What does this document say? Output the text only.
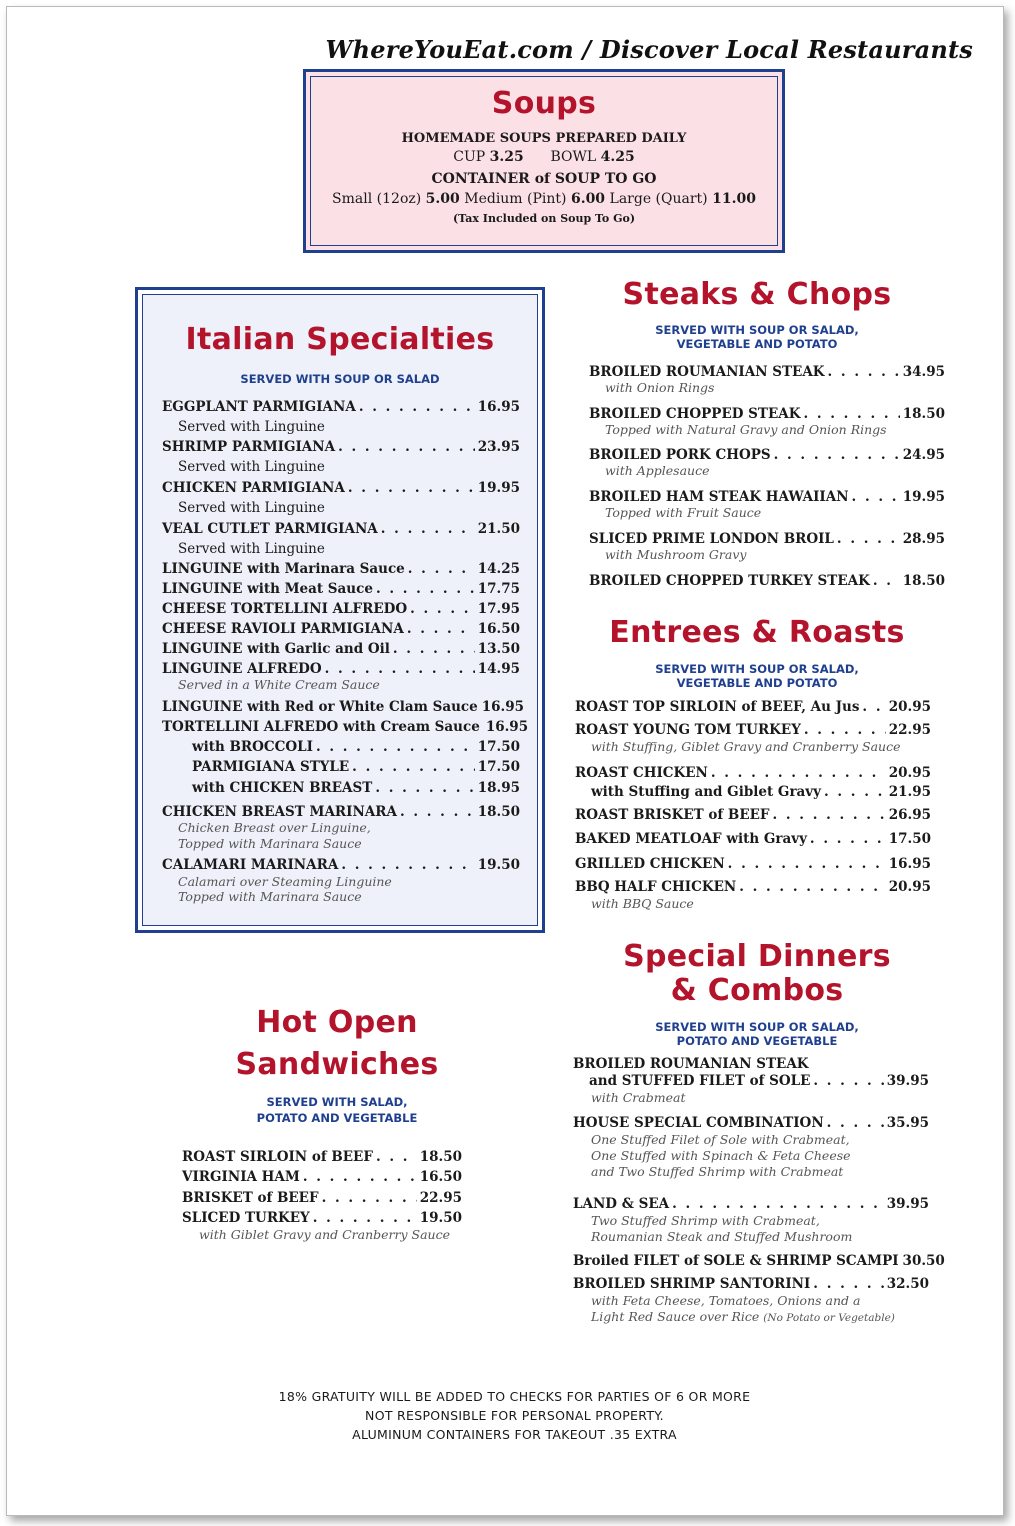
WhereYouEat.com / Discover Local Restaurants
Soups
HOMEMADE SOUPS PREPARED DAILY
CUP 3.25 BOWL 4.25
CONTAINER of SOUP TO GO
Small (12oz) 5.00 Medium (Pint) 6.00 Large (Quart) 11.00
(Tax Included on Soup To Go)
Italian Specialties
SERVED WITH SOUP OR SALAD
EGGPLANT PARMIGIANA . . .	16.95
Served with Linguine
SHRIMP PARMIGIANA . . .	23.95
Served with Linguine
CHICKEN PARMIGIANA . . .	19.95
Served with Linguine
VEAL CUTLET PARMIGIANA . . .	21.50
Served with Linguine
LINGUINE with Marinara Sauce . . .	14.25
LINGUINE with Meat Sauce . . .	17.75
CHEESE TORTELLINI ALFREDO . . .	17.95
CHEESE RAVIOLI PARMIGIANA . . .	16.50
LINGUINE with Garlic and Oil . . .	13.50
LINGUINE ALFREDO . . .	14.95
Served in a White Cream Sauce
LINGUINE with Red or White Clam Sauce 16.95
TORTELLINI ALFREDO with Cream Sauce 16.95
with BROCCOLI . . .	17.50
PARMIGIANA STYLE . . .	17.50
with CHICKEN BREAST . . .	18.95
CHICKEN BREAST MARINARA . . .	18.50
Chicken Breast over Linguine,
Topped with Marinara Sauce
CALAMARI MARINARA . . .	19.50
Calamari over Steaming Linguine
Topped with Marinara Sauce
Steaks & Chops
SERVED WITH SOUP OR SALAD,
VEGETABLE AND POTATO
BROILED ROUMANIAN STEAK . . .	34.95
with Onion Rings
BROILED CHOPPED STEAK . . .	18.50
Topped with Natural Gravy and Onion Rings
BROILED PORK CHOPS . . .	24.95
with Applesauce
BROILED HAM STEAK HAWAIIAN . . .	19.95
Topped with Fruit Sauce
SLICED PRIME LONDON BROIL . . .	28.95
with Mushroom Gravy
BROILED CHOPPED TURKEY STEAK . . . 18.50
Entrees & Roasts
SERVED WITH SOUP OR SALAD,
VEGETABLE AND POTATO
ROAST TOP SIRLOIN of BEEF, Au Jus . . . 20.95
ROAST YOUNG TOM TURKEY . . .	22.95
with Stuffing, Giblet Gravy and Cranberry Sauce
ROAST CHICKEN . . .	20.95
with Stuffing and Giblet Gravy . . .	21.95
ROAST BRISKET of BEEF . . .	26.95
BAKED MEATLOAF with Gravy . . .	17.50
GRILLED CHICKEN . . .	16.95
BBQ HALF CHICKEN . . .	20.95
with BBQ Sauce
Special Dinners
& Combos
SERVED WITH SOUP OR SALAD,
POTATO AND VEGETABLE
BROILED ROUMANIAN STEAK
and STUFFED FILET of SOLE . . .	39.95
with Crabmeat
HOUSE SPECIAL COMBINATION . . .	35.95
One Stuffed Filet of Sole with Crabmeat,
One Stuffed with Spinach & Feta Cheese
and Two Stuffed Shrimp with Crabmeat
LAND & SEA . . .	39.95
Two Stuffed Shrimp with Crabmeat,
Roumanian Steak and Stuffed Mushroom
Broiled FILET of SOLE & SHRIMP SCAMPI 30.50
BROILED SHRIMP SANTORINI . . .	32.50
with Feta Cheese, Tomatoes, Onions and a
Light Red Sauce over Rice (No Potato or Vegetable)
Hot Open
Sandwiches
SERVED WITH SALAD,
POTATO AND VEGETABLE
ROAST SIRLOIN of BEEF . . .	18.50
VIRGINIA HAM . . .	16.50
BRISKET of BEEF . . .	22.95
SLICED TURKEY . . .	19.50
with Giblet Gravy and Cranberry Sauce
18% GRATUITY WILL BE ADDED TO CHECKS FOR PARTIES OF 6 OR MORE
NOT RESPONSIBLE FOR PERSONAL PROPERTY.
ALUMINUM CONTAINERS FOR TAKEOUT .35 EXTRA
